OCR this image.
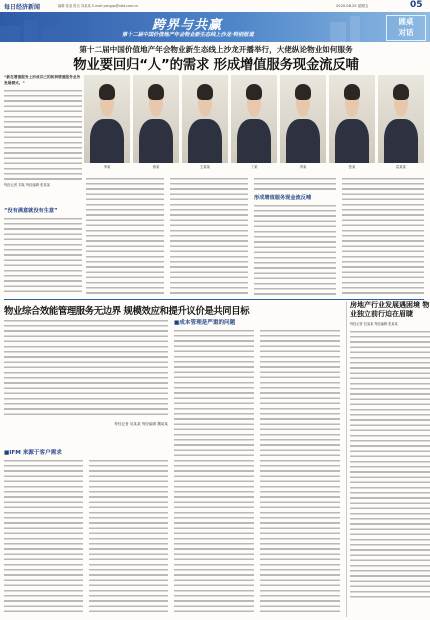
每日经济新闻	编辑 张某 报告 刘某某 E-mail:yangpp@nbd.com.cn	2020.08.25 星期五	05
跨界与共赢
第十二届中国价值地产年会物业新生态线上沙龙·特别报道
圆桌
对话
第十二届中国价值地产年会物业新生态线上沙龙开播举行，大佬纵论物业如何服务
物业要回归“人”的需求 形成增值服务现金流反哺
“新在增值服务上形成自己的和润增值服务业务发展模式。”
每经记者 刘某 每经编辑 张某某
李某	徐某	王某某	丁某	李某	张某	葛某某
“没有满意就没有生意”
形成增值服务现金流反哺
物业综合效能管理服务无边界 规模效应和提升议价是共同目标
每经记者 吴某某 每经编辑 魏某某
■IFM 来源于客户需求
■成本管理是严重的问题
房地产行业发展遇困境 物业独立前行迫在眉睫
每经记者 包某某 每经编辑 张某某
